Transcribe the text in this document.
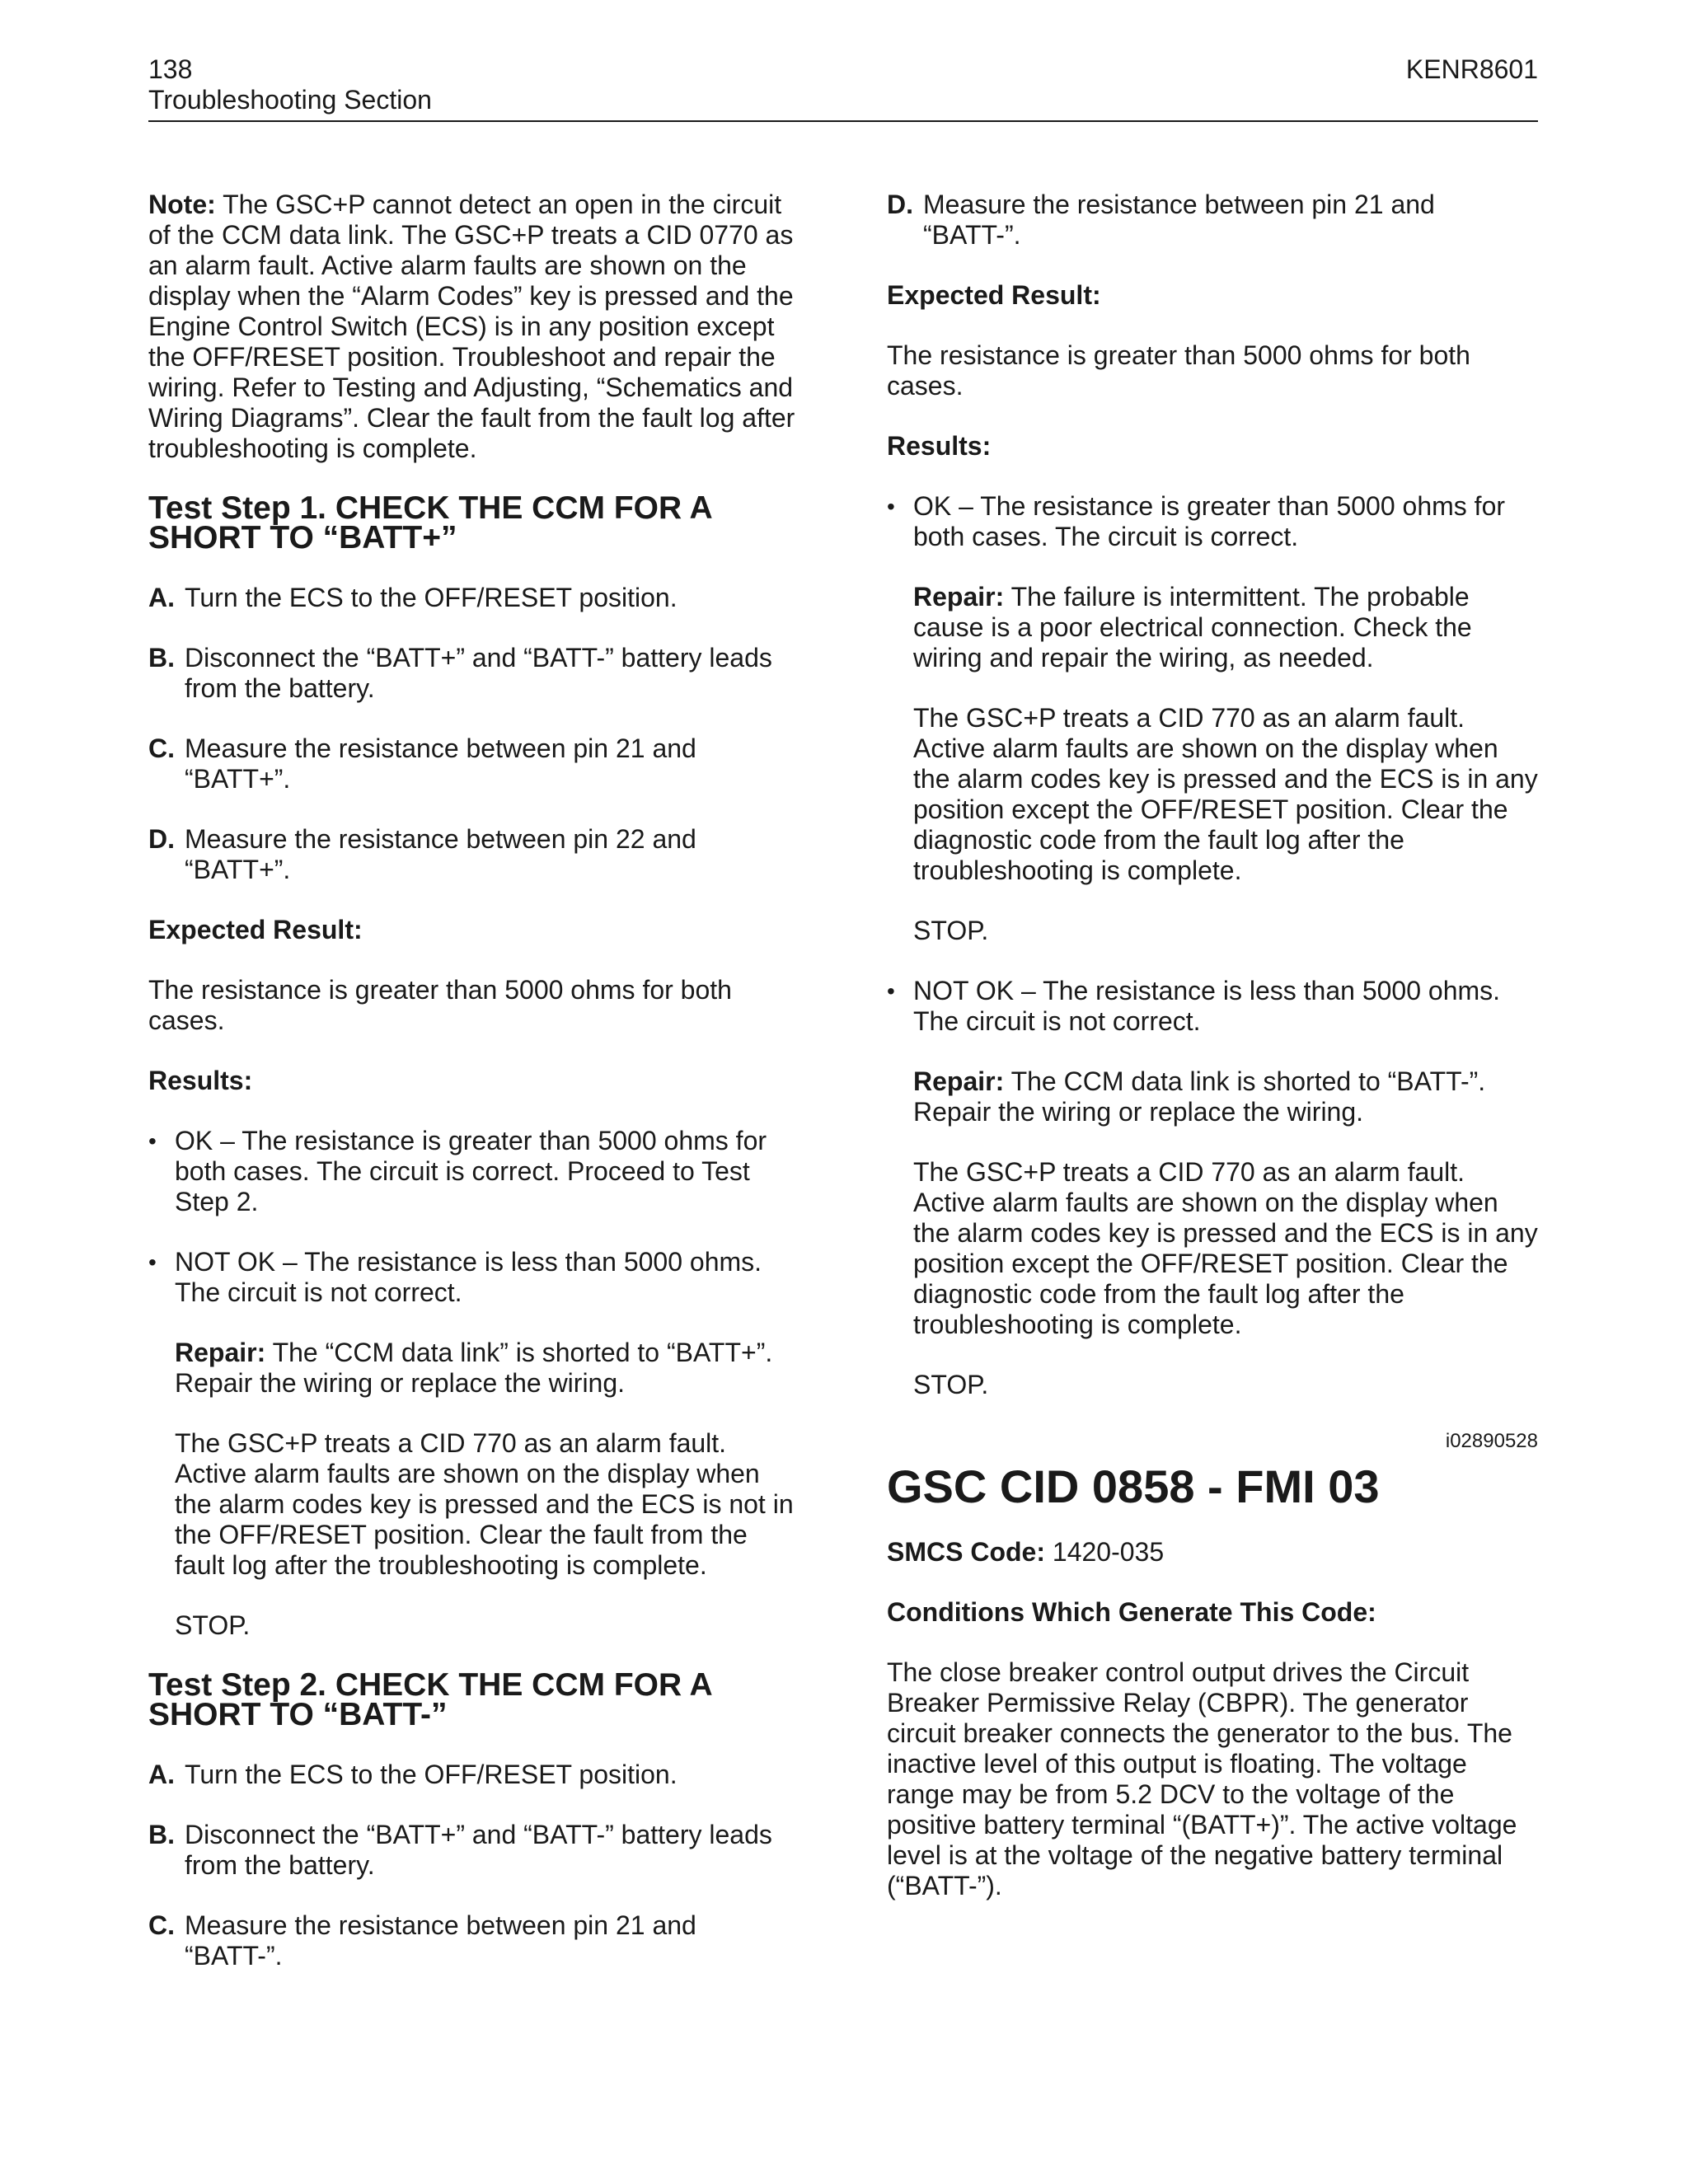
138
Troubleshooting Section
KENR8601

Note: The GSC+P cannot detect an open in the circuit of the CCM data link. The GSC+P treats a CID 0770 as an alarm fault. Active alarm faults are shown on the display when the “Alarm Codes” key is pressed and the Engine Control Switch (ECS) is in any position except the OFF/RESET position. Troubleshoot and repair the wiring. Refer to Testing and Adjusting, “Schematics and Wiring Diagrams”. Clear the fault from the fault log after troubleshooting is complete.

Test Step 1. CHECK THE CCM FOR A SHORT TO “BATT+”
A. Turn the ECS to the OFF/RESET position.
B. Disconnect the “BATT+” and “BATT-” battery leads from the battery.
C. Measure the resistance between pin 21 and “BATT+”.
D. Measure the resistance between pin 22 and “BATT+”.

Expected Result:

The resistance is greater than 5000 ohms for both cases.

Results:

• OK – The resistance is greater than 5000 ohms for both cases. The circuit is correct. Proceed to Test Step 2.
• NOT OK – The resistance is less than 5000 ohms. The circuit is not correct.

Repair: The “CCM data link” is shorted to “BATT+”. Repair the wiring or replace the wiring.

The GSC+P treats a CID 770 as an alarm fault. Active alarm faults are shown on the display when the alarm codes key is pressed and the ECS is not in the OFF/RESET position. Clear the fault from the fault log after the troubleshooting is complete.

STOP.

Test Step 2. CHECK THE CCM FOR A SHORT TO “BATT-”
A. Turn the ECS to the OFF/RESET position.
B. Disconnect the “BATT+” and “BATT-” battery leads from the battery.
C. Measure the resistance between pin 21 and “BATT-”.
D. Measure the resistance between pin 21 and “BATT-”.

Expected Result:

The resistance is greater than 5000 ohms for both cases.

Results:

• OK – The resistance is greater than 5000 ohms for both cases. The circuit is correct.

Repair: The failure is intermittent. The probable cause is a poor electrical connection. Check the wiring and repair the wiring, as needed.

The GSC+P treats a CID 770 as an alarm fault. Active alarm faults are shown on the display when the alarm codes key is pressed and the ECS is in any position except the OFF/RESET position. Clear the diagnostic code from the fault log after the troubleshooting is complete.

STOP.

• NOT OK – The resistance is less than 5000 ohms. The circuit is not correct.

Repair: The CCM data link is shorted to “BATT-”. Repair the wiring or replace the wiring.

The GSC+P treats a CID 770 as an alarm fault. Active alarm faults are shown on the display when the alarm codes key is pressed and the ECS is in any position except the OFF/RESET position. Clear the diagnostic code from the fault log after the troubleshooting is complete.

STOP.

i02890528
GSC CID 0858 - FMI 03

SMCS Code: 1420-035

Conditions Which Generate This Code:

The close breaker control output drives the Circuit Breaker Permissive Relay (CBPR). The generator circuit breaker connects the generator to the bus. The inactive level of this output is floating. The voltage range may be from 5.2 DCV to the voltage of the positive battery terminal “(BATT+)”. The active voltage level is at the voltage of the negative battery terminal (“BATT-”).
